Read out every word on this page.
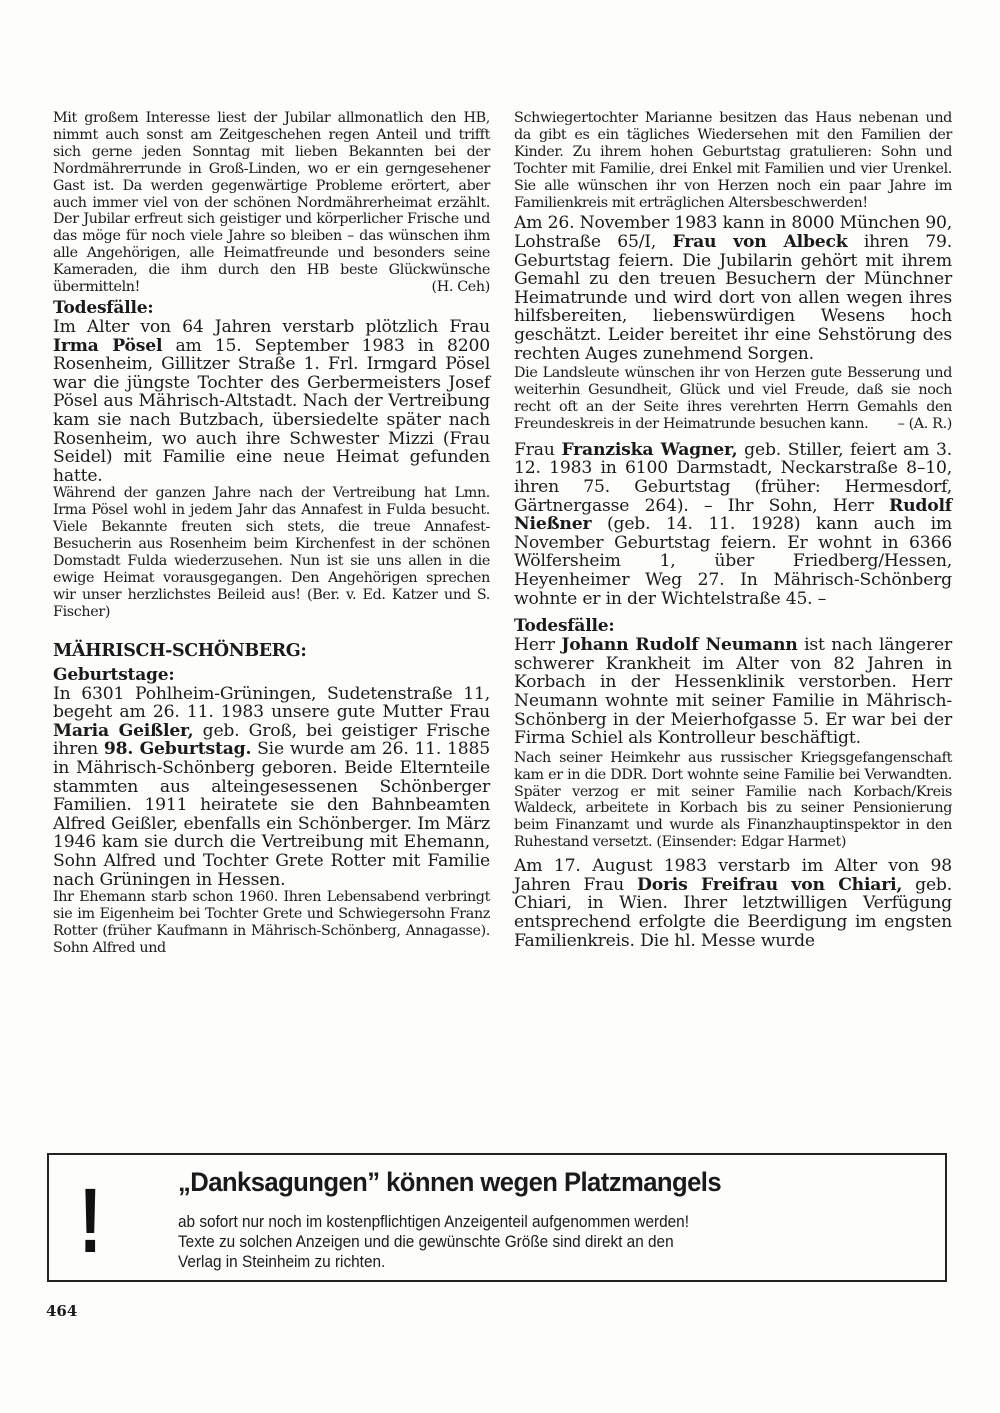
Mit großem Interesse liest der Jubilar allmonatlich den HB, nimmt auch sonst am Zeitgeschehen regen Anteil und trifft sich gerne jeden Sonntag mit lieben Bekannten bei der Nordmährerrunde in Groß-Linden, wo er ein gerngesehener Gast ist. Da werden gegenwärtige Probleme erörtert, aber auch immer viel von der schönen Nordmährerheimat erzählt. Der Jubilar erfreut sich geistiger und körperlicher Frische und das möge für noch viele Jahre so bleiben – das wünschen ihm alle Angehörigen, alle Heimatfreunde und besonders seine Kameraden, die ihm durch den HB beste Glückwünsche übermitteln!	(H. Ceh)

Todesfälle:

Im Alter von 64 Jahren verstarb plötzlich Frau Irma Pösel am 15. September 1983 in 8200 Rosenheim, Gillitzer Straße 1. Frl. Irmgard Pösel war die jüngste Tochter des Gerbermeisters Josef Pösel aus Mährisch-Altstadt. Nach der Vertreibung kam sie nach Butzbach, übersiedelte später nach Rosenheim, wo auch ihre Schwester Mizzi (Frau Seidel) mit Familie eine neue Heimat gefunden hatte.

Während der ganzen Jahre nach der Vertreibung hat Lmn. Irma Pösel wohl in jedem Jahr das Annafest in Fulda besucht. Viele Bekannte freuten sich stets, die treue Annafest-Besucherin aus Rosenheim beim Kirchenfest in der schönen Domstadt Fulda wiederzusehen. Nun ist sie uns allen in die ewige Heimat vorausgegangen. Den Angehörigen sprechen wir unser herzlichstes Beileid aus! (Ber. v. Ed. Katzer und S. Fischer)

MÄHRISCH-SCHÖNBERG:

Geburtstage:

In 6301 Pohlheim-Grüningen, Sudetenstraße 11, begeht am 26. 11. 1983 unsere gute Mutter Frau Maria Geißler, geb. Groß, bei geistiger Frische ihren 98. Geburtstag. Sie wurde am 26. 11. 1885 in Mährisch-Schönberg geboren. Beide Elternteile stammten aus alteingesessenen Schönberger Familien. 1911 heiratete sie den Bahnbeamten Alfred Geißler, ebenfalls ein Schönberger. Im März 1946 kam sie durch die Vertreibung mit Ehemann, Sohn Alfred und Tochter Grete Rotter mit Familie nach Grüningen in Hessen.

Ihr Ehemann starb schon 1960. Ihren Lebensabend verbringt sie im Eigenheim bei Tochter Grete und Schwiegersohn Franz Rotter (früher Kaufmann in Mährisch-Schönberg, Annagasse). Sohn Alfred und

Schwiegertochter Marianne besitzen das Haus nebenan und da gibt es ein tägliches Wiedersehen mit den Familien der Kinder. Zu ihrem hohen Geburtstag gratulieren: Sohn und Tochter mit Familie, drei Enkel mit Familien und vier Urenkel. Sie alle wünschen ihr von Herzen noch ein paar Jahre im Familienkreis mit erträglichen Altersbeschwerden!

Am 26. November 1983 kann in 8000 München 90, Lohstraße 65/I, Frau von Albeck ihren 79. Geburtstag feiern. Die Jubilarin gehört mit ihrem Gemahl zu den treuen Besuchern der Münchner Heimatrunde und wird dort von allen wegen ihres hilfsbereiten, liebenswürdigen Wesens hoch geschätzt. Leider bereitet ihr eine Sehstörung des rechten Auges zunehmend Sorgen.

Die Landsleute wünschen ihr von Herzen gute Besserung und weiterhin Gesundheit, Glück und viel Freude, daß sie noch recht oft an der Seite ihres verehrten Herrn Gemahls den Freundeskreis in der Heimatrunde besuchen kann. – (A. R.)

Frau Franziska Wagner, geb. Stiller, feiert am 3. 12. 1983 in 6100 Darmstadt, Neckarstraße 8–10, ihren 75. Geburtstag (früher: Hermesdorf, Gärtnergasse 264). – Ihr Sohn, Herr Rudolf Nießner (geb. 14. 11. 1928) kann auch im November Geburtstag feiern. Er wohnt in 6366 Wölfersheim 1, über Friedberg/Hessen, Heyenheimer Weg 27. In Mährisch-Schönberg wohnte er in der Wichtelstraße 45. –

Todesfälle:

Herr Johann Rudolf Neumann ist nach längerer schwerer Krankheit im Alter von 82 Jahren in Korbach in der Hessenklinik verstorben. Herr Neumann wohnte mit seiner Familie in Mährisch-Schönberg in der Meierhofgasse 5. Er war bei der Firma Schiel als Kontrolleur beschäftigt.

Nach seiner Heimkehr aus russischer Kriegsgefangenschaft kam er in die DDR. Dort wohnte seine Familie bei Verwandten. Später verzog er mit seiner Familie nach Korbach/Kreis Waldeck, arbeitete in Korbach bis zu seiner Pensionierung beim Finanzamt und wurde als Finanzhauptinspektor in den Ruhestand versetzt. (Einsender: Edgar Harmet)

Am 17. August 1983 verstarb im Alter von 98 Jahren Frau Doris Freifrau von Chiari, geb. Chiari, in Wien. Ihrer letztwilligen Verfügung entsprechend erfolgte die Beerdigung im engsten Familienkreis. Die hl. Messe wurde

!	„Danksagungen” können wegen Platzmangels
ab sofort nur noch im kostenpflichtigen Anzeigenteil aufgenommen werden!
Texte zu solchen Anzeigen und die gewünschte Größe sind direkt an den
Verlag in Steinheim zu richten.
464
